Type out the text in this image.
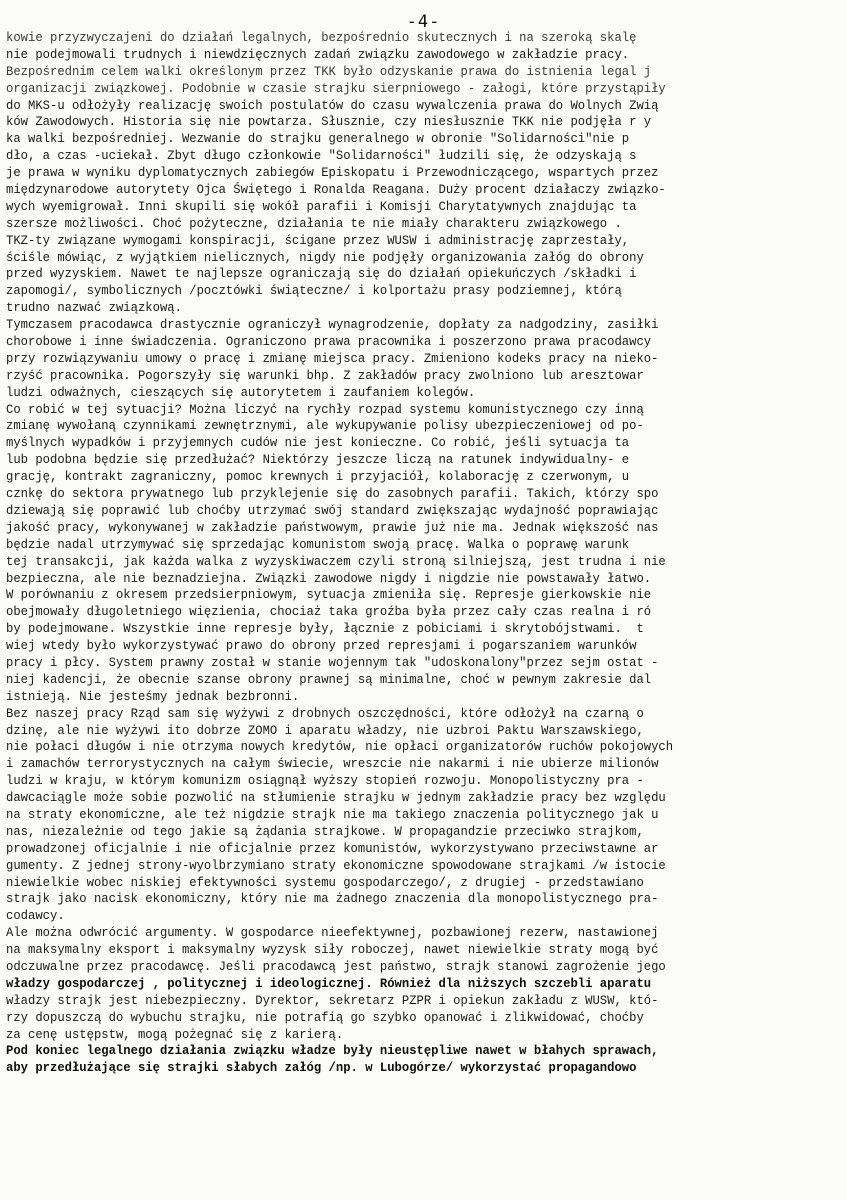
-4-
kowie przyzwyczajeni do działań legalnych, bezpośrednio skutecznych i na szeroką skalę
nie podejmowali trudnych i niewdzięcznych zadań związku zawodowego w zakładzie pracy.
Bezpośrednim celem walki określonym przez TKK było odzyskanie prawa do istnienia legal j
organizacji związkowej. Podobnie w czasie strajku sierpniowego - załogi, które przystąpiły
do MKS-u odłożyły realizację swoich postulatów do czasu wywalczenia prawa do Wolnych Zwią
ków Zawodowych. Historia się nie powtarza. Słusznie, czy niesłusznie TKK nie podjęła r y
ka walki bezpośredniej. Wezwanie do strajku generalnego w obronie "Solidarności"nie p
dło, a czas -uciekał. Zbyt długo członkowie "Solidarności" łudzili się, że odzyskają s
je prawa w wyniku dyplomatycznych zabiegów Episkopatu i Przewodniczącego, wspartych przez
międzynarodowe autorytety Ojca Świętego i Ronalda Reagana. Duży procent działaczy związko-
wych wyemigrował. Inni skupili się wokół parafii i Komisji Charytatywnych znajdując ta
szersze możliwości. Choć pożyteczne, działania te nie miały charakteru związkowego .
TKZ-ty związane wymogami konspiracji, ścigane przez WUSW i administrację zaprzestały,
ściśle mówiąc, z wyjątkiem nielicznych, nigdy nie podjęły organizowania załóg do obrony
przed wyzyskiem. Nawet te najlepsze ograniczają się do działań opiekuńczych /składki i
zapomogi/, symbolicznych /pocztówki świąteczne/ i kolportażu prasy podziemnej, którą
trudno nazwać związkową.
Tymczasem pracodawca drastycznie ograniczył wynagrodzenie, dopłaty za nadgodziny, zasiłki
chorobowe i inne świadczenia. Ograniczono prawa pracownika i poszerzono prawa pracodawcy
przy rozwiązywaniu umowy o pracę i zmianę miejsca pracy. Zmieniono kodeks pracy na nieko-
rzyść pracownika. Pogorszyły się warunki bhp. Z zakładów pracy zwolniono lub aresztowar
ludzi odważnych, cieszących się autorytetem i zaufaniem kolegów.
Co robić w tej sytuacji? Można liczyć na rychły rozpad systemu komunistycznego czy inną
zmianę wywołaną czynnikami zewnętrznymi, ale wykupywanie polisy ubezpieczeniowej od po-
myślnych wypadków i przyjemnych cudów nie jest konieczne. Co robić, jeśli sytuacja ta
lub podobna będzie się przedłużać? Niektórzy jeszcze liczą na ratunek indywidualny- e
grację, kontrakt zagraniczny, pomoc krewnych i przyjaciół, kolaborację z czerwonym, u
cznkę do sektora prywatnego lub przyklejenie się do zasobnych parafii. Takich, którzy spo
dziewają się poprawić lub choćby utrzymać swój standard zwiększając wydajność poprawiając
jakość pracy, wykonywanej w zakładzie państwowym, prawie już nie ma. Jednak większość nas
będzie nadal utrzymywać się sprzedając komunistom swoją pracę. Walka o poprawę warunk
tej transakcji, jak każda walka z wyzyskiwaczem czyli stroną silniejszą, jest trudna i nie
bezpieczna, ale nie beznadziejna. Związki zawodowe nigdy i nigdzie nie powstawały łatwo.
W porównaniu z okresem przedsierpniowym, sytuacja zmieniła się. Represje gierkowskie nie
obejmowały długoletniego więzienia, chociaż taka groźba była przez cały czas realna i ró
by podejmowane. Wszystkie inne represje były, łącznie z pobiciami i skrytobójstwami.  t
wiej wtedy było wykorzystywać prawo do obrony przed represjami i pogarszaniem warunków
pracy i płcy. System prawny został w stanie wojennym tak "udoskonalony"przez sejm ostat -
niej kadencji, że obecnie szanse obrony prawnej są minimalne, choć w pewnym zakresie dal
istnieją. Nie jesteśmy jednak bezbronni.
Bez naszej pracy Rząd sam się wyżywi z drobnych oszczędności, które odłożył na czarną o
dzinę, ale nie wyżywi ito dobrze ZOMO i aparatu władzy, nie uzbroi Paktu Warszawskiego,
nie połaci długów i nie otrzyma nowych kredytów, nie opłaci organizatorów ruchów pokojowych
i zamachów terrorystycznych na całym świecie, wreszcie nie nakarmi i nie ubierze milionów
ludzi w kraju, w którym komunizm osiągnął wyższy stopień rozwoju. Monopolistyczny pra -
dawcaciągle może sobie pozwolić na stłumienie strajku w jednym zakładzie pracy bez względu
na straty ekonomiczne, ale też nigdzie strajk nie ma takiego znaczenia politycznego jak u
nas, niezależnie od tego jakie są żądania strajkowe. W propagandzie przeciwko strajkom,
prowadzonej oficjalnie i nie oficjalnie przez komunistów, wykorzystywano przeciwstawne ar
gumenty. Z jednej strony-wyolbrzymiano straty ekonomiczne spowodowane strajkami /w istocie
niewielkie wobec niskiej efektywności systemu gospodarczego/, z drugiej - przedstawiano
strajk jako nacisk ekonomiczny, który nie ma żadnego znaczenia dla monopolistycznego pra-
codawcy.
Ale można odwrócić argumenty. W gospodarce nieefektywnej, pozbawionej rezerw, nastawionej
na maksymalny eksport i maksymalny wyzysk siły roboczej, nawet niewielkie straty mogą być
odczuwalne przez pracodawcę. Jeśli pracodawcą jest państwo, strajk stanowi zagrożenie jego
władzy gospodarczej , politycznej i ideologicznej. Również dla niższych szczebli aparatu
władzy strajk jest niebezpieczny. Dyrektor, sekretarz PZPR i opiekun zakładu z WUSW, któ-
rzy dopuszczą do wybuchu strajku, nie potrafią go szybko opanować i zlikwidować, choćby
za cenę ustępstw, mogą pożegnać się z karierą.
Pod koniec legalnego działania związku władze były nieustępliwe nawet w błahych sprawach,
aby przedłużające się strajki słabych załóg /np. w Lubogórze/ wykorzystać propagandowo
